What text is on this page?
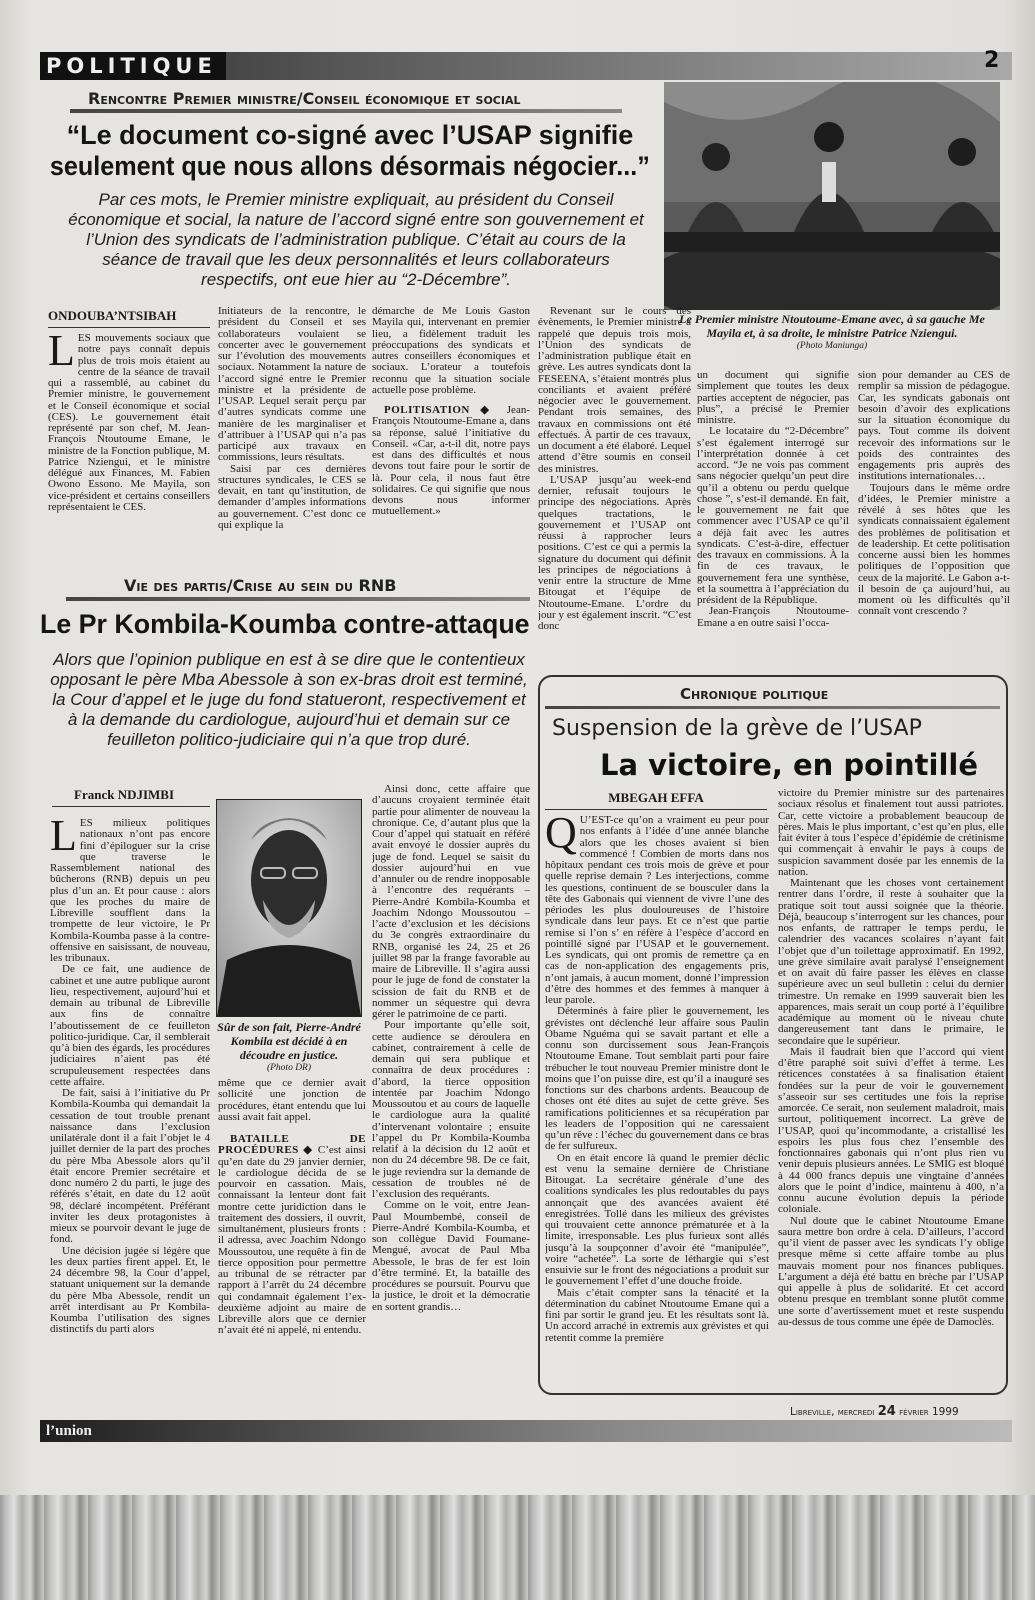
POLITIQUE	2
Rencontre Premier ministre/Conseil économique et social
“Le document co-signé avec l’USAP signifie
seulement que nous allons désormais négocier...”
Par ces mots, le Premier ministre expliquait, au président du Conseil économique et social, la nature de l’accord signé entre son gouvernement et l’Union des syndicats de l’administration publique. C’était au cours de la séance de travail que les deux personnalités et leurs collaborateurs respectifs, ont eue hier au “2-Décembre”.
Le Premier ministre Ntoutoume-Emane avec, à sa gauche Me Mayila et, à sa droite, le ministre Patrice Nziengui.
(Photo Maniunga)
ONDOUBA’NTSIBAH

LES mouvements sociaux que notre pays connaît depuis plus de trois mois étaient au centre de la séance de travail qui a rassemblé, au cabinet du Premier ministre, le gouvernement et le Conseil économique et social (CES). Le gouvernement était représenté par son chef, M. Jean-François Ntoutoume Emane, le ministre de la Fonction publique, M. Patrice Nziengui, et le ministre délégué aux Finances, M. Fabien Owono Essono. Me Mayila, son vice-président et certains conseillers représentaient le CES.

Initiateurs de la rencontre, le président du Conseil et ses collaborateurs voulaient se concerter avec le gouvernement sur l’évolution des mouvements sociaux. Notamment la nature de l’accord signé entre le Premier ministre et la présidente de l’USAP. Lequel serait perçu par d’autres syndicats comme une manière de les marginaliser et d’attribuer à l’USAP qui n’a pas participé aux travaux en commissions, leurs résultats.

Saisi par ces dernières structures syndicales, le CES se devait, en tant qu’institution, de demander d’amples informations au gouvernement. C’est donc ce qui explique la

démarche de Me Louis Gaston Mayila qui, intervenant en premier lieu, a fidèlement traduit les préoccupations des syndicats et autres conseillers économiques et sociaux. L’orateur a toutefois reconnu que la situation sociale actuelle pose problème.

POLITISATION ◆ Jean-François Ntoutoume-Emane a, dans sa réponse, salué l’initiative du Conseil. «Car, a-t-il dit, notre pays est dans des difficultés et nous devons tout faire pour le sortir de là. Pour cela, il nous faut être solidaires. Ce qui signifie que nous devons nous informer mutuellement.»

Revenant sur le cours des évènements, le Premier ministre a rappelé que depuis trois mois, l’Union des syndicats de l’administration publique était en grève. Les autres syndicats dont la FESEENA, s’étaient montrés plus conciliants et avaient préféré négocier avec le gouvernement. Pendant trois semaines, des travaux en commissions ont été effectués. À partir de ces travaux, un document a été élaboré. Lequel attend d’être soumis en conseil des ministres.

L’USAP jusqu’au week-end dernier, refusait toujours le principe des négociations. Après quelques tractations, le gouvernement et l’USAP ont réussi à rapprocher leurs positions. C’est ce qui a permis la signature du document qui définit les principes de négociations à venir entre la structure de Mme Bitougat et l’équipe de Ntoutoume-Emane. L’ordre du jour y est également inscrit. “C’est donc

un document qui signifie simplement que toutes les deux parties acceptent de négocier, pas plus”, a précisé le Premier ministre.

Le locataire du “2-Décembre” s’est également interrogé sur l’interprétation donnée à cet accord. “Je ne vois pas comment sans négocier quelqu’un peut dire qu’il a obtenu ou perdu quelque chose ”, s’est-il demandé. En fait, le gouvernement ne fait que commencer avec l’USAP ce qu’il a déjà fait avec les autres syndicats. C’est-à-dire, effectuer des travaux en commissions. À la fin de ces travaux, le gouvernement fera une synthèse, et la soumettra à l’appréciation du président de la République.

Jean-François Ntoutoume-Emane a en outre saisi l’occa-

sion pour demander au CES de remplir sa mission de pédagogue. Car, les syndicats gabonais ont besoin d’avoir des explications sur la situation économique du pays. Tout comme ils doivent recevoir des informations sur le poids des contraintes des engagements pris auprès des institutions internationales…

Toujours dans le même ordre d’idées, le Premier ministre a révélé à ses hôtes que les syndicats connaissaient également des problèmes de politisation et de leadership. Et cette politisation concerne aussi bien les hommes politiques de l’opposition que ceux de la majorité. Le Gabon a-t-il besoin de ça aujourd’hui, au moment où les difficultés qu’il connaît vont crescendo ?

Vie des partis/Crise au sein du RNB
Le Pr Kombila-Koumba contre-attaque
Alors que l’opinion publique en est à se dire que le contentieux opposant le père Mba Abessole à son ex-bras droit est terminé, la Cour d’appel et le juge du fond statueront, respectivement et à la demande du cardiologue, aujourd’hui et demain sur ce feuilleton politico-judiciaire qui n’a que trop duré.
Franck NDJIMBI

LES milieux politiques nationaux n’ont pas encore fini d’épiloguer sur la crise que traverse le Rassemblement national des bûcherons (RNB) depuis un peu plus d’un an. Et pour cause : alors que les proches du maire de Libreville soufflent dans la trompette de leur victoire, le Pr Kombila-Koumba passe à la contre-offensive en saisissant, de nouveau, les tribunaux.

De ce fait, une audience de cabinet et une autre publique auront lieu, respectivement, aujourd’hui et demain au tribunal de Libreville aux fins de connaître l’aboutissement de ce feuilleton politico-juridique. Car, il semblerait qu’à bien des égards, les procédures judiciaires n’aient pas été scrupuleusement respectées dans cette affaire.

De fait, saisi à l’initiative du Pr Kombila-Koumba qui demandait la cessation de tout trouble prenant naissance dans l’exclusion unilatérale dont il a fait l’objet le 4 juillet dernier de la part des proches du père Mba Abessole alors qu’il était encore Premier secrétaire et donc numéro 2 du parti, le juge des référés s’était, en date du 12 août 98, déclaré incompétent. Préférant inviter les deux protagonistes à mieux se pourvoir devant le juge de fond.

Une décision jugée si légère que les deux parties firent appel. Et, le 24 décembre 98, la Cour d’appel, statuant uniquement sur la demande du père Mba Abessole, rendit un arrêt interdisant au Pr Kombila-Koumba l’utilisation des signes distinctifs du parti alors

Sûr de son fait, Pierre-André Kombila est décidé à en découdre en justice.
(Photo DR)

même que ce dernier avait sollicité une jonction de procédures, étant entendu que lui aussi avait fait appel.

BATAILLE DE PROCÉDURES ◆ C’est ainsi qu’en date du 29 janvier dernier, le cardiologue décida de se pourvoir en cassation. Mais, connaissant la lenteur dont fait montre cette juridiction dans le traitement des dossiers, il ouvrit, simultanément, plusieurs fronts : il adressa, avec Joachim Ndongo Moussoutou, une requête à fin de tierce opposition pour permettre au tribunal de se rétracter par rapport à l’arrêt du 24 décembre qui condamnait également l’ex-deuxième adjoint au maire de Libreville alors que ce dernier n’avait été ni appelé, ni entendu.

Ainsi donc, cette affaire que d’aucuns croyaient terminée était partie pour alimenter de nouveau la chronique. Ce, d’autant plus que la Cour d’appel qui statuait en référé avait envoyé le dossier auprès du juge de fond. Lequel se saisit du dossier aujourd’hui en vue d’annuler ou de rendre inopposable à l’encontre des requérants – Pierre-André Kombila-Koumba et Joachim Ndongo Moussoutou – l’acte d’exclusion et les décisions du 3e congrès extraordinaire du RNB, organisé les 24, 25 et 26 juillet 98 par la frange favorable au maire de Libreville. Il s’agira aussi pour le juge de fond de constater la scission de fait du RNB et de nommer un séquestre qui devra gérer le patrimoine de ce parti.

Pour importante qu’elle soit, cette audience se déroulera en cabinet, contrairement à celle de demain qui sera publique et connaîtra de deux procédures : d’abord, la tierce opposition intentée par Joachim Ndongo Moussoutou et au cours de laquelle le cardiologue aura la qualité d’intervenant volontaire ; ensuite l’appel du Pr Kombila-Koumba relatif à la décision du 12 août et non du 24 décembre 98. De ce fait, le juge reviendra sur la demande de cessation de troubles né de l’exclusion des requérants.

Comme on le voit, entre Jean-Paul Moumbembé, conseil de Pierre-André Kombila-Koumba, et son collègue David Foumane-Mengué, avocat de Paul Mba Abessole, le bras de fer est loin d’être terminé. Et, la bataille des procédures se poursuit. Pourvu que la justice, le droit et la démocratie en sortent grandis…

Chronique politique
Suspension de la grève de l’USAP
La victoire, en pointillé
MBEGAH EFFA

Q U’EST-ce qu’on a vraiment eu peur pour nos enfants à l’idée d’une année blanche alors que les choses avaient si bien commencé ! Combien de morts dans nos hôpitaux pendant ces trois mois de grève et pour quelle reprise demain ? Les interjections, comme les questions, continuent de se bousculer dans la tête des Gabonais qui viennent de vivre l’une des périodes les plus douloureuses de l’histoire syndicale dans leur pays. Et ce n’est que partie remise si l’on s’ en réfère à l’espèce d’accord en pointillé signé par l’USAP et le gouvernement. Les syndicats, qui ont promis de remettre ça en cas de non-application des engagements pris, n’ont jamais, à aucun moment, donné l’impression d’être des hommes et des femmes à manquer à leur parole.

Déterminés à faire plier le gouvernement, les grévistes ont déclenché leur affaire sous Paulin Obame Nguéma qui se savait partant et elle a connu son durcissement sous Jean-François Ntoutoume Emane. Tout semblait parti pour faire trébucher le tout nouveau Premier ministre dont le moins que l’on puisse dire, est qu’il a inauguré ses fonctions sur des charbons ardents. Beaucoup de choses ont été dites au sujet de cette grève. Ses ramifications politiciennes et sa récupération par les leaders de l’opposition qui ne caressaient qu’un rêve : l’échec du gouvernement dans ce bras de fer sulfureux.

On en était encore là quand le premier déclic est venu la semaine dernière de Christiane Bitougat. La secrétaire générale d’une des coalitions syndicales les plus redoutables du pays annonçait que des avancées avaient été enregistrées. Tollé dans les milieux des grévistes qui trouvaient cette annonce prématurée et à la limite, irresponsable. Les plus furieux sont allés jusqu’à la soupçonner d’avoir été “manipulée”, voire “achetée”. La sorte de léthargie qui s’est ensuivie sur le front des négociations a produit sur le gouvernement l’effet d’une douche froide.

Mais c’était compter sans la ténacité et la détermination du cabinet Ntoutoume Emane qui a fini par sortir le grand jeu. Et les résultats sont là. Un accord arraché in extremis aux grévistes et qui retentit comme la première

victoire du Premier ministre sur des partenaires sociaux résolus et finalement tout aussi patriotes. Car, cette victoire a probablement beaucoup de pères. Mais le plus important, c’est qu’en plus, elle fait éviter à tous l’espèce d’épidémie de crétinisme qui commençait à envahir le pays à coups de suspicion savamment dosée par les ennemis de la nation.

Maintenant que les choses vont certainement rentrer dans l’ordre, il reste à souhaiter que la pratique soit tout aussi soignée que la théorie. Déjà, beaucoup s’interrogent sur les chances, pour nos enfants, de rattraper le temps perdu, le calendrier des vacances scolaires n’ayant fait l’objet que d’un toilettage approximatif. En 1992, une grève similaire avait paralysé l’enseignement et on avait dû faire passer les élèves en classe supérieure avec un seul bulletin : celui du dernier trimestre. Un remake en 1999 sauverait bien les apparences, mais serait un coup porté à l’équilibre académique au moment où le niveau chute dangereusement tant dans le primaire, le secondaire que le supérieur.

Mais il faudrait bien que l’accord qui vient d’être paraphé soit suivi d’effet à terme. Les réticences constatées à sa finalisation étaient fondées sur la peur de voir le gouvernement s’asseoir sur ses certitudes une fois la reprise amorcée. Ce serait, non seulement maladroit, mais surtout, politiquement incorrect. La grève de l’USAP, quoi qu’incommodante, a cristallisé les espoirs les plus fous chez l’ensemble des fonctionnaires gabonais qui n’ont plus rien vu venir depuis plusieurs années. Le SMIG est bloqué à 44 000 francs depuis une vingtaine d’années alors que le point d’indice, maintenu à 400, n’a connu aucune évolution depuis la période coloniale.

Nul doute que le cabinet Ntoutoume Emane saura mettre bon ordre à cela. D’ailleurs, l’accord qu’il vient de passer avec les syndicats l’y oblige presque même si cette affaire tombe au plus mauvais moment pour nos finances publiques. L’argument a déjà été battu en brèche par l’USAP qui appelle à plus de solidarité. Et cet accord obtenu presque en tremblant sonne plutôt comme une sorte d’avertissement muet et reste suspendu au-dessus de tous comme une épée de Damoclès.

l’union
Libreville, mercredi 24 février 1999
